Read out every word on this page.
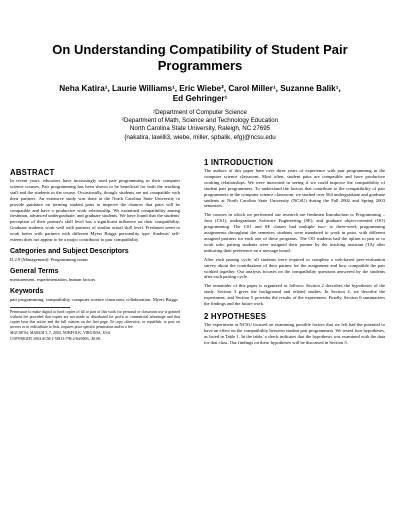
On Understanding Compatibility of Student Pair
Programmers
Neha Katira¹, Laurie Williams¹, Eric Wiebe², Carol Miller¹, Suzanne Balik¹,
Ed Gehringer¹
¹Department of Computer Science
²Department of Math, Science and Technology Education
North Carolina State University, Raleigh, NC 27695
{nakatira, lawilli3, wiebe, miller, spbalik, efg}@ncsu.edu
ABSTRACT

In recent years, educators have increasingly used pair programming in their computer science courses. Pair programming has been shown to be beneficial for both the teaching staff and the students in the course. Occasionally, though, students are not compatible with their partners. An extensive study was done at the North Carolina State University to provide guidance on forming student pairs to improve the chances that pairs will be compatible and have a productive work relationship. We examined compatibility among freshman, advanced undergraduate, and graduate students. We have found that the students' perception of their partner's skill level has a significant influence on their compatibility. Graduate students work well with partners of similar actual skill level. Freshmen seem to work better with partners with different Myers Briggs personality type. Students' self-esteem does not appear to be a major contributor to pair compatibility.

Categories and Subject Descriptors

D.2.9 [Management]: Programming teams

General Terms

measurement, experimentation, human factors

Keywords

pair programming, compatibility, computer science classroom, collaboration, Myers Briggs

Permission to make digital or hard copies of all or part of this work for personal or classroom use is granted without fee provided that copies are not made or distributed for profit or commercial advantage and that copies bear this notice and the full citation on the first page. To copy otherwise, or republish, to post on servers or to redistribute to lists, requires prior specific permission and/or a fee.

SIGCSE'04, MARCH 3–7, 2004, NORFOLK, VIRGINIA, USA.

COPYRIGHT 2004 ACM 1-58113-798-2/04/0003...$5.00.

1 INTRODUCTION

The authors of this paper have over three years of experience with pair programming in the computer science classroom. Most often, student pairs are compatible and have productive working relationships. We were interested in seeing if we could improve the compatibility of student pair programmers. To understand the factors that contribute to the compatibility of pair programmers in the computer science classroom, we studied over 564 undergraduate and graduate students at North Carolina State University (NCSU) during the Fall 2002 and Spring 2003 semesters.

The courses in which we performed our research are freshmen Introduction to Programming – Java (CS1), undergraduate Software Engineering (SE), and graduate object-oriented (OO) programming. The CS1 and SE classes had multiple two- to three-week programming assignments throughout the semester; students were mandated to work in pairs, with different assigned partners for each one of these programs. The OO students had the option to pair or to work solo; pairing students were assigned their partner by the teaching assistant (TA) after indicating their preference on a message board.

After each pairing cycle, all students were required to complete a web-based peer-evaluation survey about the contributions of their partner for the assignment and how compatible the pair worked together. Our analysis focuses on the compatibility questions answered by the students after each pairing cycle.

The remainder of this paper is organized as follows: Section 2 describes the hypotheses of the study. Section 3 gives the background and related studies. In Section 4, we describe the experiment, and Section 5 provides the results of the experiment. Finally, Section 6 summarizes the findings and the future work.

2 HYPOTHESES

The experiment at NCSU focused on examining possible factors that we felt had the potential to have an effect on the compatibility between student pair programmers. We tested four hypotheses, as listed in Table 1. In the table, a check indicates that the hypothesis was examined with the data for that class. Our findings on these hypotheses will be discussed in Section 5.
